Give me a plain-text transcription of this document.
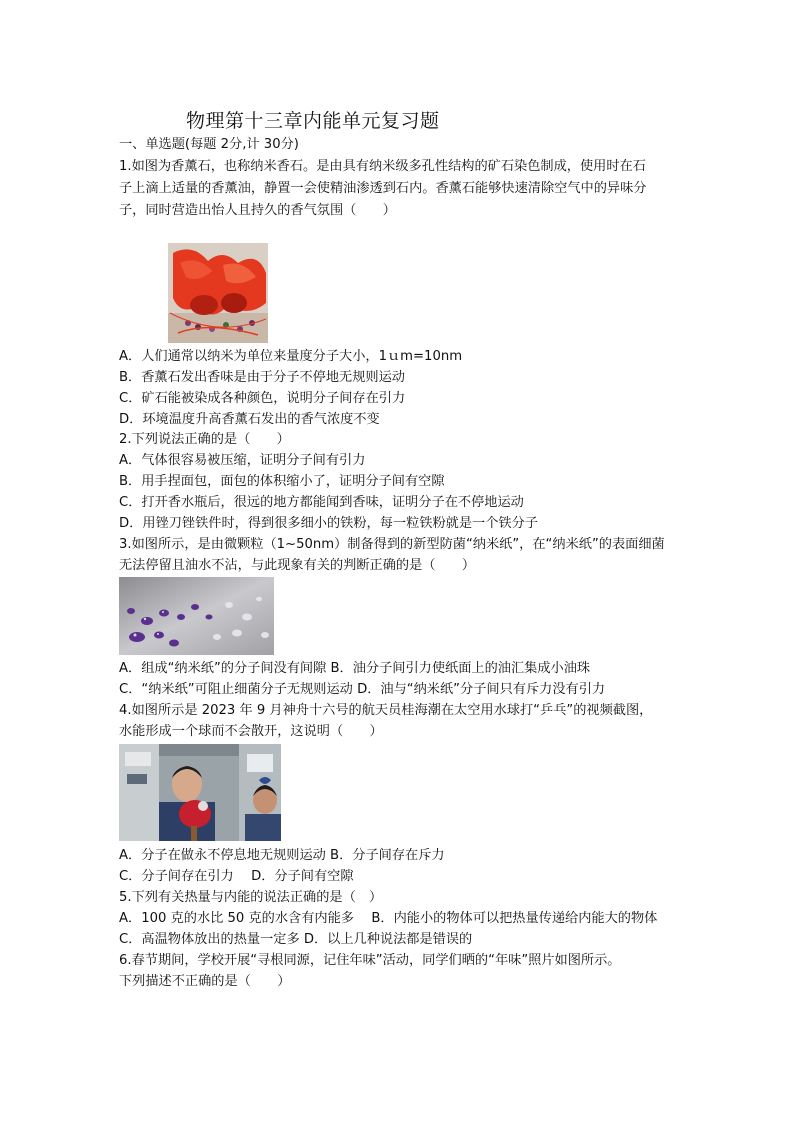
物理第十三章内能单元复习题
一、单选题(每题 2分,计 30分)
1.如图为香薰石，也称纳米香石。是由具有纳米级多孔性结构的矿石染色制成，使用时在石
子上滴上适量的香薰油，静置一会使精油渗透到石内。香薰石能够快速清除空气中的异味分
子，同时营造出怡人且持久的香气氛围（　　）
A．人们通常以纳米为单位来量度分子大小，1ｕm=10nm
B．香薰石发出香味是由于分子不停地无规则运动
C．矿石能被染成各种颜色，说明分子间存在引力
D．环境温度升高香薰石发出的香气浓度不变
2.下列说法正确的是（　　）
A．气体很容易被压缩，证明分子间有引力
B．用手捏面包，面包的体积缩小了，证明分子间有空隙
C．打开香水瓶后，很远的地方都能闻到香味，证明分子在不停地运动
D．用锉刀锉铁件时，得到很多细小的铁粉，每一粒铁粉就是一个铁分子
3.如图所示，是由微颗粒（1~50nm）制备得到的新型防菌“纳米纸”，在“纳米纸”的表面细菌
无法停留且油水不沾，与此现象有关的判断正确的是（　　）
A．组成“纳米纸”的分子间没有间隙 B．油分子间引力使纸面上的油汇集成小油珠
C．“纳米纸”可阻止细菌分子无规则运动 D．油与“纳米纸”分子间只有斥力没有引力
4.如图所示是 2023 年 9 月神舟十六号的航天员桂海潮在太空用水球打“乒乓”的视频截图，
水能形成一个球而不会散开，这说明（　　）
A．分子在做永不停息地无规则运动 B．分子间存在斥力
C．分子间存在引力　 D．分子间有空隙
5.下列有关热量与内能的说法正确的是（　）
A．100 克的水比 50 克的水含有内能多　 B．内能小的物体可以把热量传递给内能大的物体
C．高温物体放出的热量一定多 D．以上几种说法都是错误的
6.春节期间，学校开展“寻根同源，记住年味”活动，同学们晒的“年味”照片如图所示。
下列描述不正确的是（　　）
